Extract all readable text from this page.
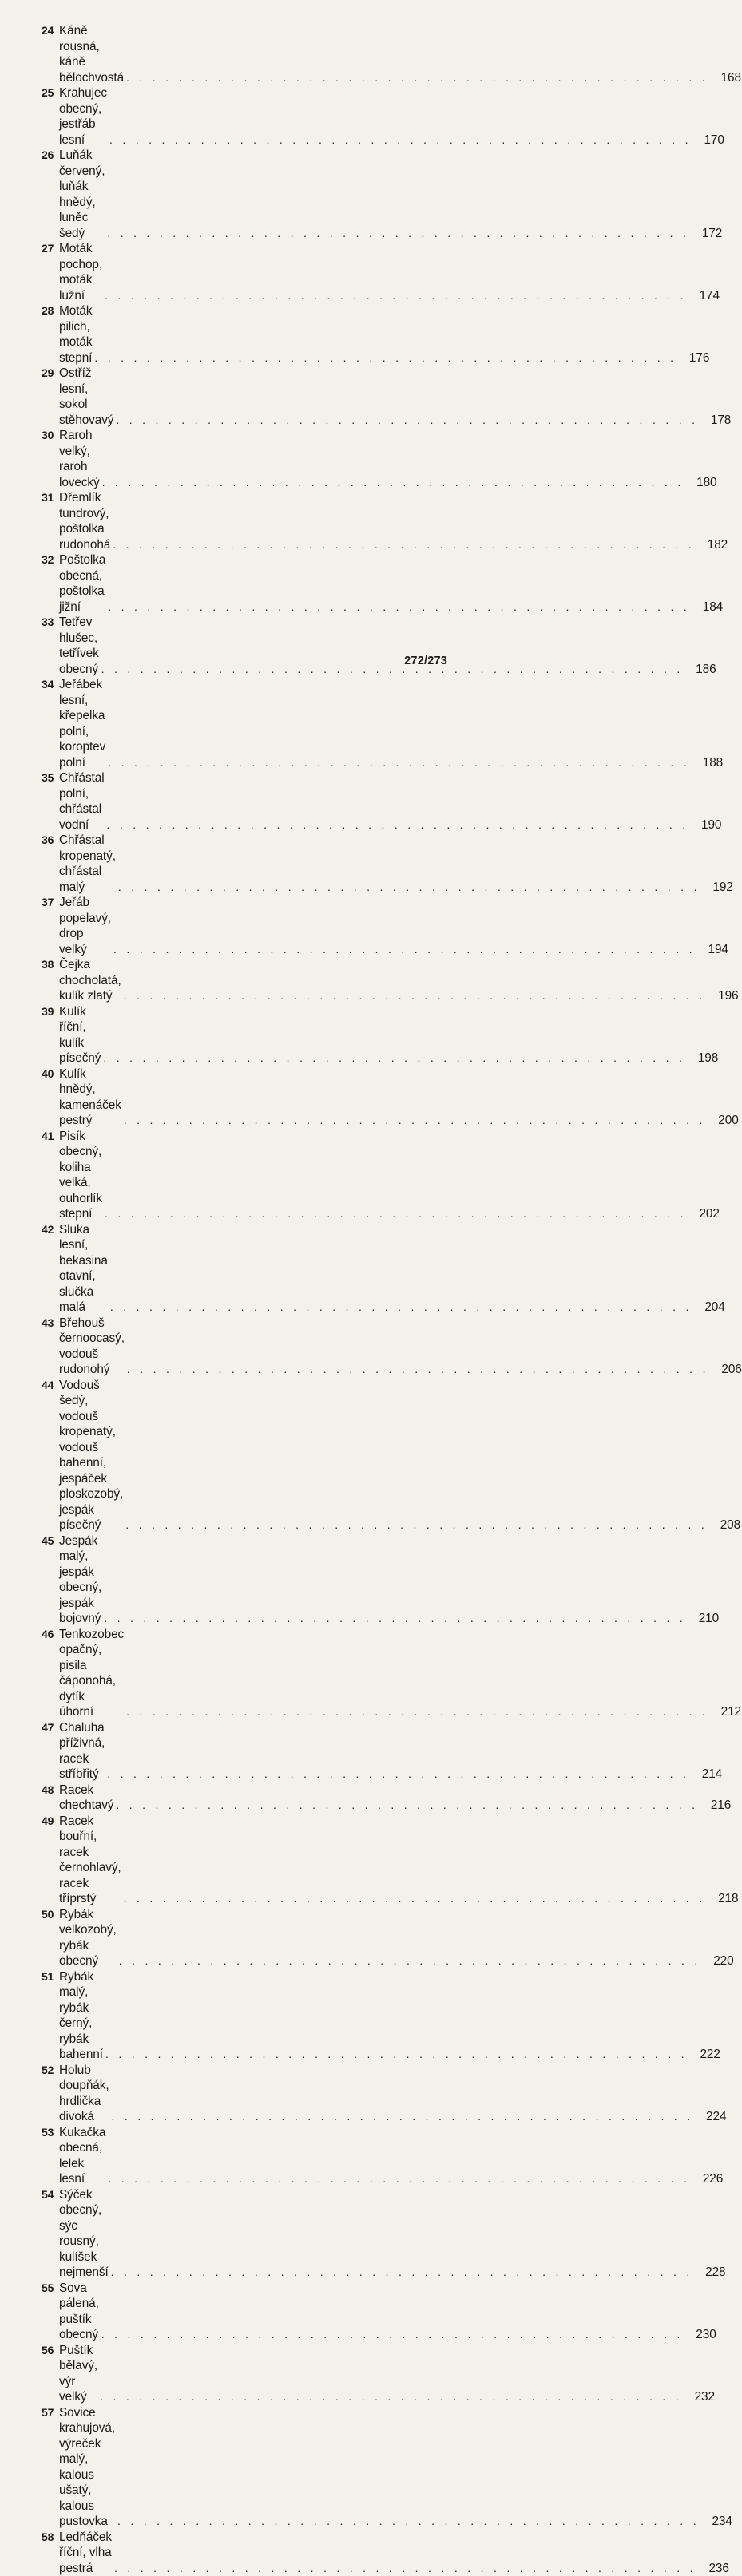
24 Káně rousná, káně bělochvostá . . .	168
25 Krahujec obecný, jestřáb lesní . . .	170
26 Luňák červený, luňák hnědý, luněc šedý . . .	172
27 Moták pochop, moták lužní . . .	174
28 Moták pilich, moták stepní . . .	176
29 Ostříž lesní, sokol stěhovavý . . .	178
30 Raroh velký, raroh lovecký . . .	180
31 Dřemlík tundrový, poštolka rudonohá . . .	182
32 Poštolka obecná, poštolka jižní . . .	184
33 Tetřev hlušec, tetřívek obecný . . .	186
34 Jeřábek lesní, křepelka polní, koroptev polní . . .	188
35 Chřástal polní, chřástal vodní . . .	190
36 Chřástal kropenatý, chřástal malý . . .	192
37 Jeřáb popelavý, drop velký . . .	194
38 Čejka chocholatá, kulík zlatý . . .	196
39 Kulík říční, kulík písečný . . .	198
40 Kulík hnědý, kamenáček pestrý . . .	200
41 Pisík obecný, koliha velká, ouhorlík stepní . . .	202
42 Sluka lesní, bekasina otavní, slučka malá . . .	204
43 Břehouš černoocasý, vodouš rudonohý . . .	206
44 Vodouš šedý, vodouš kropenatý, vodouš
bahenní, jespáček ploskozobý, jespák
písečný . . .	208
45 Jespák malý, jespák obecný, jespák bojovný . . .	210
46 Tenkozobec opačný, pisila čáponohá, dytík
úhorní . . .	212
47 Chaluha příživná, racek stříbřitý . . .	214
48 Racek chechtavý . . .	216
49 Racek bouřní, racek černohlavý, racek
tříprstý . . .	218
50 Rybák velkozobý, rybák obecný . . .	220
51 Rybák malý, rybák černý, rybák bahenní . . .	222
52 Holub doupňák, hrdlička divoká . . .	224
53 Kukačka obecná, lelek lesní . . .	226
54 Sýček obecný, sýc rousný, kulíšek nejmenší . . .	228
55 Sova pálená, puštík obecný . . .	230
56 Puštík bělavý, výr velký . . .	232
57 Sovice krahujová, výreček malý, kalous
ušatý, kalous pustovka . . .	234
58 Ledňáček říční, vlha pestrá . . .	236
272/273
